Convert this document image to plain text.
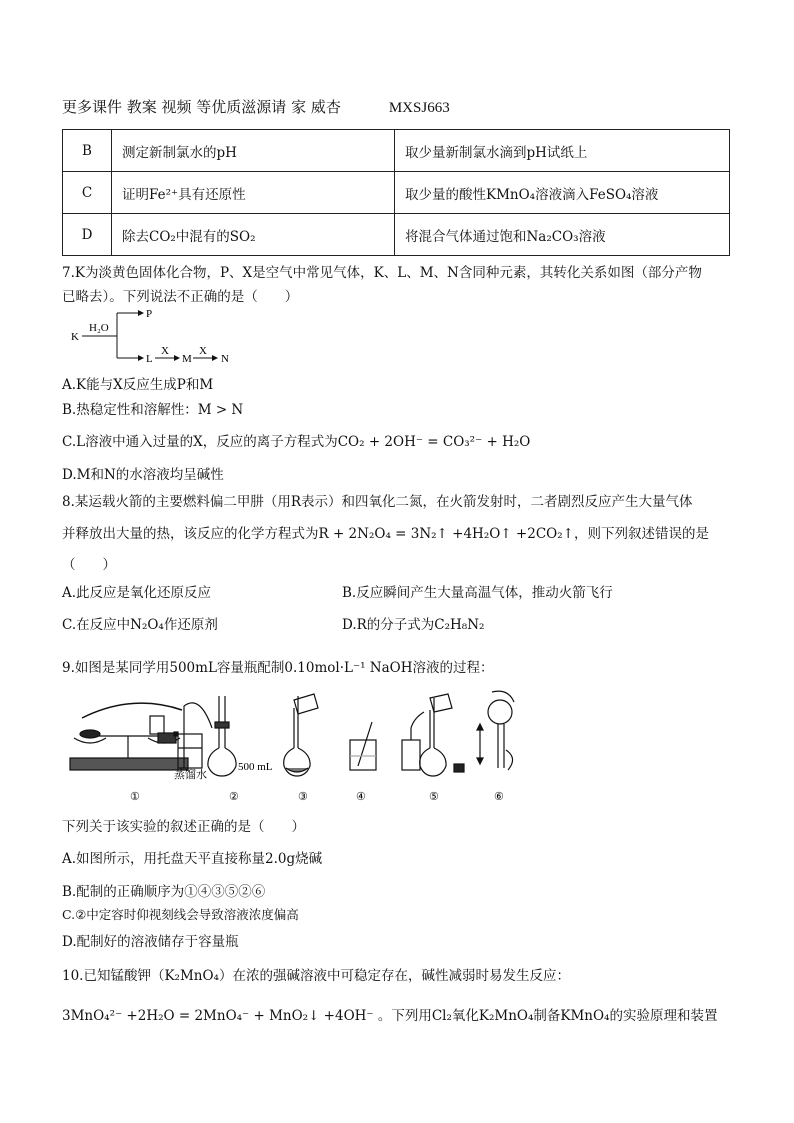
更多课件 教案 视频 等优质滋源请 家 威杏	MXSJ663
B	测定新制氯水的pH	取少量新制氯水滴到pH试纸上
C	证明Fe²⁺具有还原性	取少量的酸性KMnO₄溶液滴入FeSO₄溶液
D	除去CO₂中混有的SO₂	将混合气体通过饱和Na₂CO₃溶液
7.K为淡黄色固体化合物，P、X是空气中常见气体，K、L、M、N含同种元素，其转化关系如图（部分产物
已略去）。下列说法不正确的是（　　）
K
H₂O
P
L
X
M
X
N
A.K能与X反应生成P和M
B.热稳定性和溶解性：M > N
C.L溶液中通入过量的X，反应的离子方程式为CO₂ + 2OH⁻ = CO₃²⁻ + H₂O
D.M和N的水溶液均呈碱性
8.某运载火箭的主要燃料偏二甲肼（用R表示）和四氧化二氮，在火箭发射时，二者剧烈反应产生大量气体
并释放出大量的热，该反应的化学方程式为R + 2N₂O₄ = 3N₂↑ +4H₂O↑ +2CO₂↑，则下列叙述错误的是
（　　）
A.此反应是氧化还原反应	B.反应瞬间产生大量高温气体，推动火箭飞行
C.在反应中N₂O₄作还原剂	D.R的分子式为C₂H₈N₂
9.如图是某同学用500mL容量瓶配制0.10mol·L⁻¹ NaOH溶液的过程：
蒸馏水
①
500 mL
②	③	④	⑤	⑥
下列关于该实验的叙述正确的是（　　）
A.如图所示，用托盘天平直接称量2.0g烧碱
B.配制的正确顺序为①④③⑤②⑥
C.②中定容时仰视刻线会导致溶液浓度偏高
D.配制好的溶液储存于容量瓶
10.已知锰酸钾（K₂MnO₄）在浓的强碱溶液中可稳定存在，碱性减弱时易发生反应：
3MnO₄²⁻ +2H₂O = 2MnO₄⁻ + MnO₂↓ +4OH⁻ 。下列用Cl₂氧化K₂MnO₄制备KMnO₄的实验原理和装置
